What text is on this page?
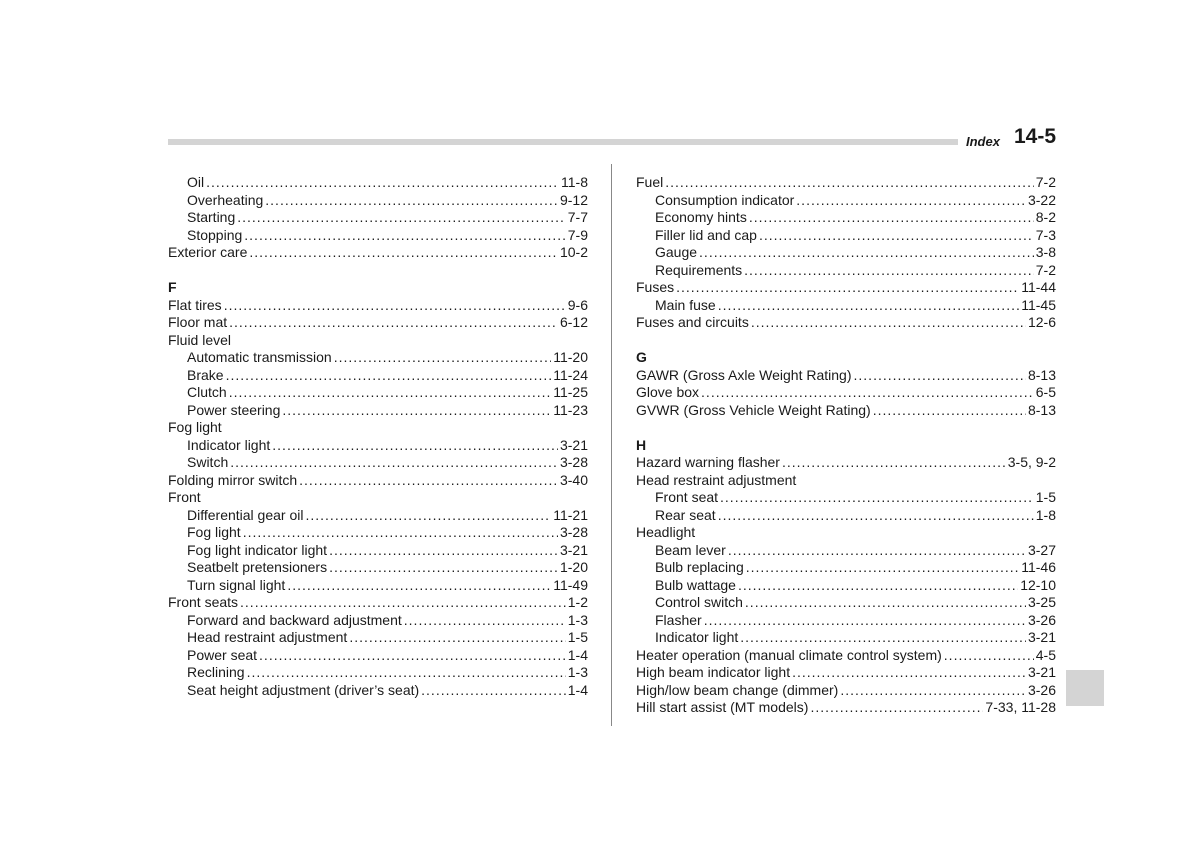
Index 14-5
Oil .....	11-8
Overheating .....	9-12
Starting .....	7-7
Stopping .....	7-9
Exterior care .....	10-2
F
Flat tires .....	9-6
Floor mat .....	6-12
Fluid level
Automatic transmission .....	11-20
Brake .....	11-24
Clutch .....	11-25
Power steering .....	11-23
Fog light
Indicator light .....	3-21
Switch .....	3-28
Folding mirror switch .....	3-40
Front
Differential gear oil .....	11-21
Fog light .....	3-28
Fog light indicator light .....	3-21
Seatbelt pretensioners .....	1-20
Turn signal light .....	11-49
Front seats .....	1-2
Forward and backward adjustment .....	1-3
Head restraint adjustment .....	1-5
Power seat .....	1-4
Reclining .....	1-3
Seat height adjustment (driver’s seat) .....	1-4
Fuel .....	7-2
Consumption indicator .....	3-22
Economy hints .....	8-2
Filler lid and cap .....	7-3
Gauge .....	3-8
Requirements .....	7-2
Fuses .....	11-44
Main fuse .....	11-45
Fuses and circuits .....	12-6
G
GAWR (Gross Axle Weight Rating) .....	8-13
Glove box .....	6-5
GVWR (Gross Vehicle Weight Rating) .....	8-13
H
Hazard warning flasher .....	3-5, 9-2
Head restraint adjustment
Front seat .....	1-5
Rear seat .....	1-8
Headlight
Beam lever .....	3-27
Bulb replacing .....	11-46
Bulb wattage .....	12-10
Control switch .....	3-25
Flasher .....	3-26
Indicator light .....	3-21
Heater operation (manual climate control system) .....	4-5
High beam indicator light .....	3-21
High/low beam change (dimmer) .....	3-26
Hill start assist (MT models) .....	7-33, 11-28
